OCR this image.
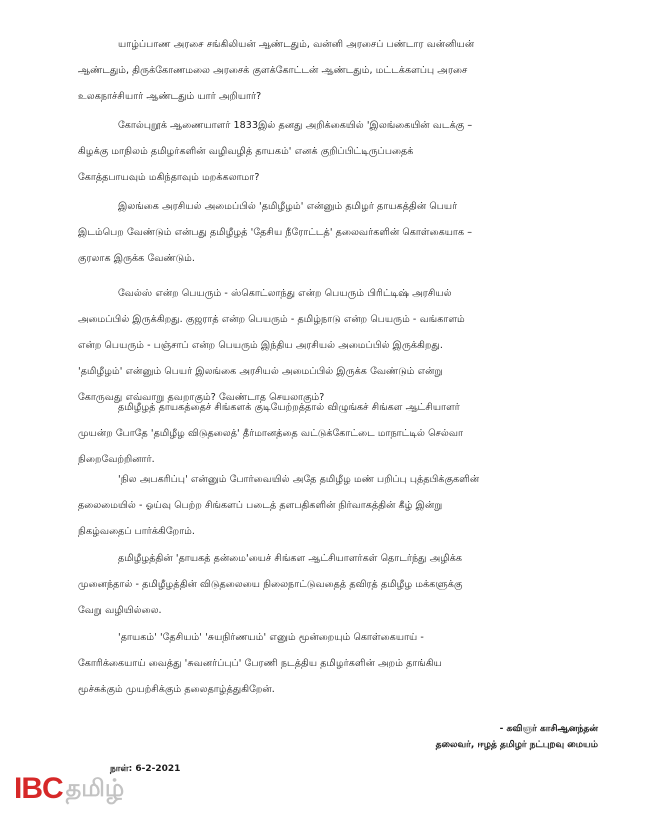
யாழ்ப்பாண அரசை சங்கிலியன் ஆண்டதும், வன்னி அரசைப் பண்டார வன்னியன்
ஆண்டதும், திருக்கோணமலை அரசைக் குளக்கோட்டன் ஆண்டதும், மட்டக்களப்பு அரசை
உலகநாச்சியார் ஆண்டதும் யார் அறியார்?

கோல்புறூக் ஆணையாளர் 1833இல் தனது அறிக்கையில் 'இலங்கையின் வடக்கு –
கிழக்கு மாநிலம் தமிழர்களின் வழிவழித் தாயகம்' எனக் குறிப்பிட்டிருப்பதைக்
கோத்தபாயவும் மகிந்தாவும் மறக்கலாமா?

இலங்கை அரசியல் அமைப்பில் 'தமிழீழம்' என்னும் தமிழர் தாயகத்தின் பெயர்
இடம்பெற வேண்டும் என்பது தமிழீழத் 'தேசிய நீரோட்டத்' தலைவர்களின் கொள்கையாக –
குரலாக இருக்க வேண்டும்.

வேல்ஸ் என்ற பெயரும் - ஸ்கொட்லாந்து என்ற பெயரும் பிரிட்டிஷ் அரசியல்
அமைப்பில் இருக்கிறது. குஜராத் என்ற பெயரும் - தமிழ்நாடு என்ற பெயரும் - வங்காளம்
என்ற பெயரும் - பஞ்சாப் என்ற பெயரும் இந்திய அரசியல் அமைப்பில் இருக்கிறது.
'தமிழீழம்' என்னும் பெயர் இலங்கை அரசியல் அமைப்பில் இருக்க வேண்டும் என்று
கோருவது எவ்வாறு தவறாகும்? வேண்டாத செயலாகும்?

தமிழீழத் தாயகத்தைச் சிங்களக் குடியேற்றத்தால் விழுங்கச் சிங்கள ஆட்சியாளர்
முயன்ற போதே 'தமிழீழ விடுதலைத்' தீர்மானத்தை வட்டுக்கோட்டை மாநாட்டில் செல்வா
நிறைவேற்றினார்.

'நில அபகரிப்பு' என்னும் போர்வையில் அதே தமிழீழ மண் பறிப்பு புத்தபிக்குகளின்
தலைமையில் - ஓய்வு பெற்ற சிங்களப் படைத் தளபதிகளின் நிர்வாகத்தின் கீழ் இன்று
நிகழ்வதைப் பார்க்கிறோம்.

தமிழீழத்தின் 'தாயகத் தன்மை'யைச் சிங்கள ஆட்சியாளர்கள் தொடர்ந்து அழிக்க
முனைந்தால் - தமிழீழத்தின் விடுதலையை நிலைநாட்டுவதைத் தவிரத் தமிழீழ மக்களுக்கு
வேறு வழியில்லை.

'தாயகம்' 'தேசியம்' 'சுயநிர்ணயம்' எனும் மூன்றையும் கொள்கையாய் -
கோரிக்கையாய் வைத்து 'சுவனர்ப்புப்' பேரணி நடத்திய தமிழர்களின் அறம் தாங்கிய
மூச்சுக்கும் முயற்சிக்கும் தலைதாழ்த்துகிறேன்.

- கவிஞர் காசிஆனந்தன்
தலைவர், ஈழத் தமிழர் நட்புறவு மையம்
நாள்: 6-2-2021
IBC தமிழ்
